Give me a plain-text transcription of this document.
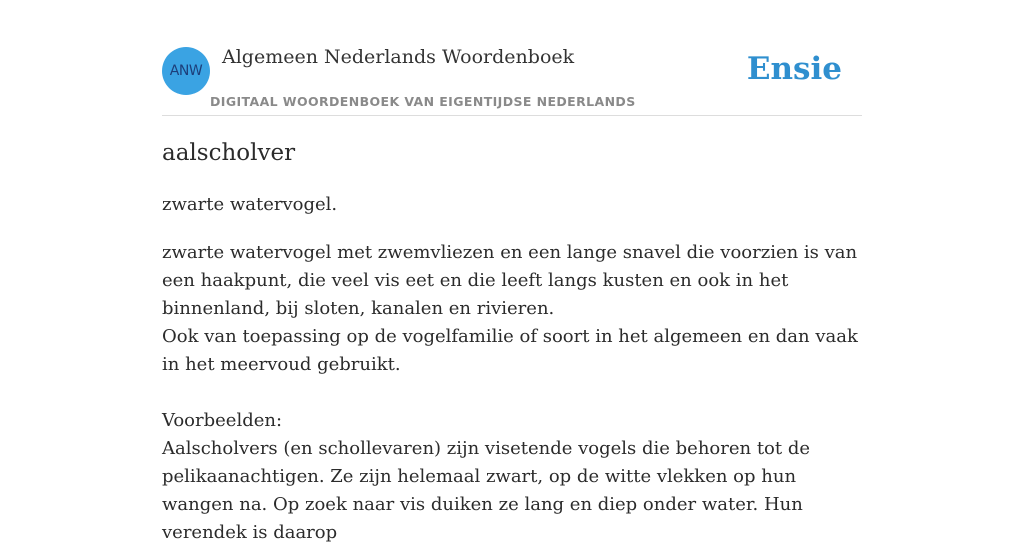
ANW
Algemeen Nederlands Woordenboek
DIGITAAL WOORDENBOEK VAN EIGENTIJDSE NEDERLANDS
Ensie
aalscholver
zwarte watervogel.

zwarte watervogel met zwemvliezen en een lange snavel die voorzien is van een haakpunt, die veel vis eet en die leeft langs kusten en ook in het binnenland, bij sloten, kanalen en rivieren.

Ook van toepassing op de vogelfamilie of soort in het algemeen en dan vaak in het meervoud gebruikt.

Voorbeelden:

Aalscholvers (en schollevaren) zijn visetende vogels die behoren tot de pelikaanachtigen. Ze zijn helemaal zwart, op de witte vlekken op hun wangen na. Op zoek naar vis duiken ze lang en diep onder water. Hun verendek is daarop
